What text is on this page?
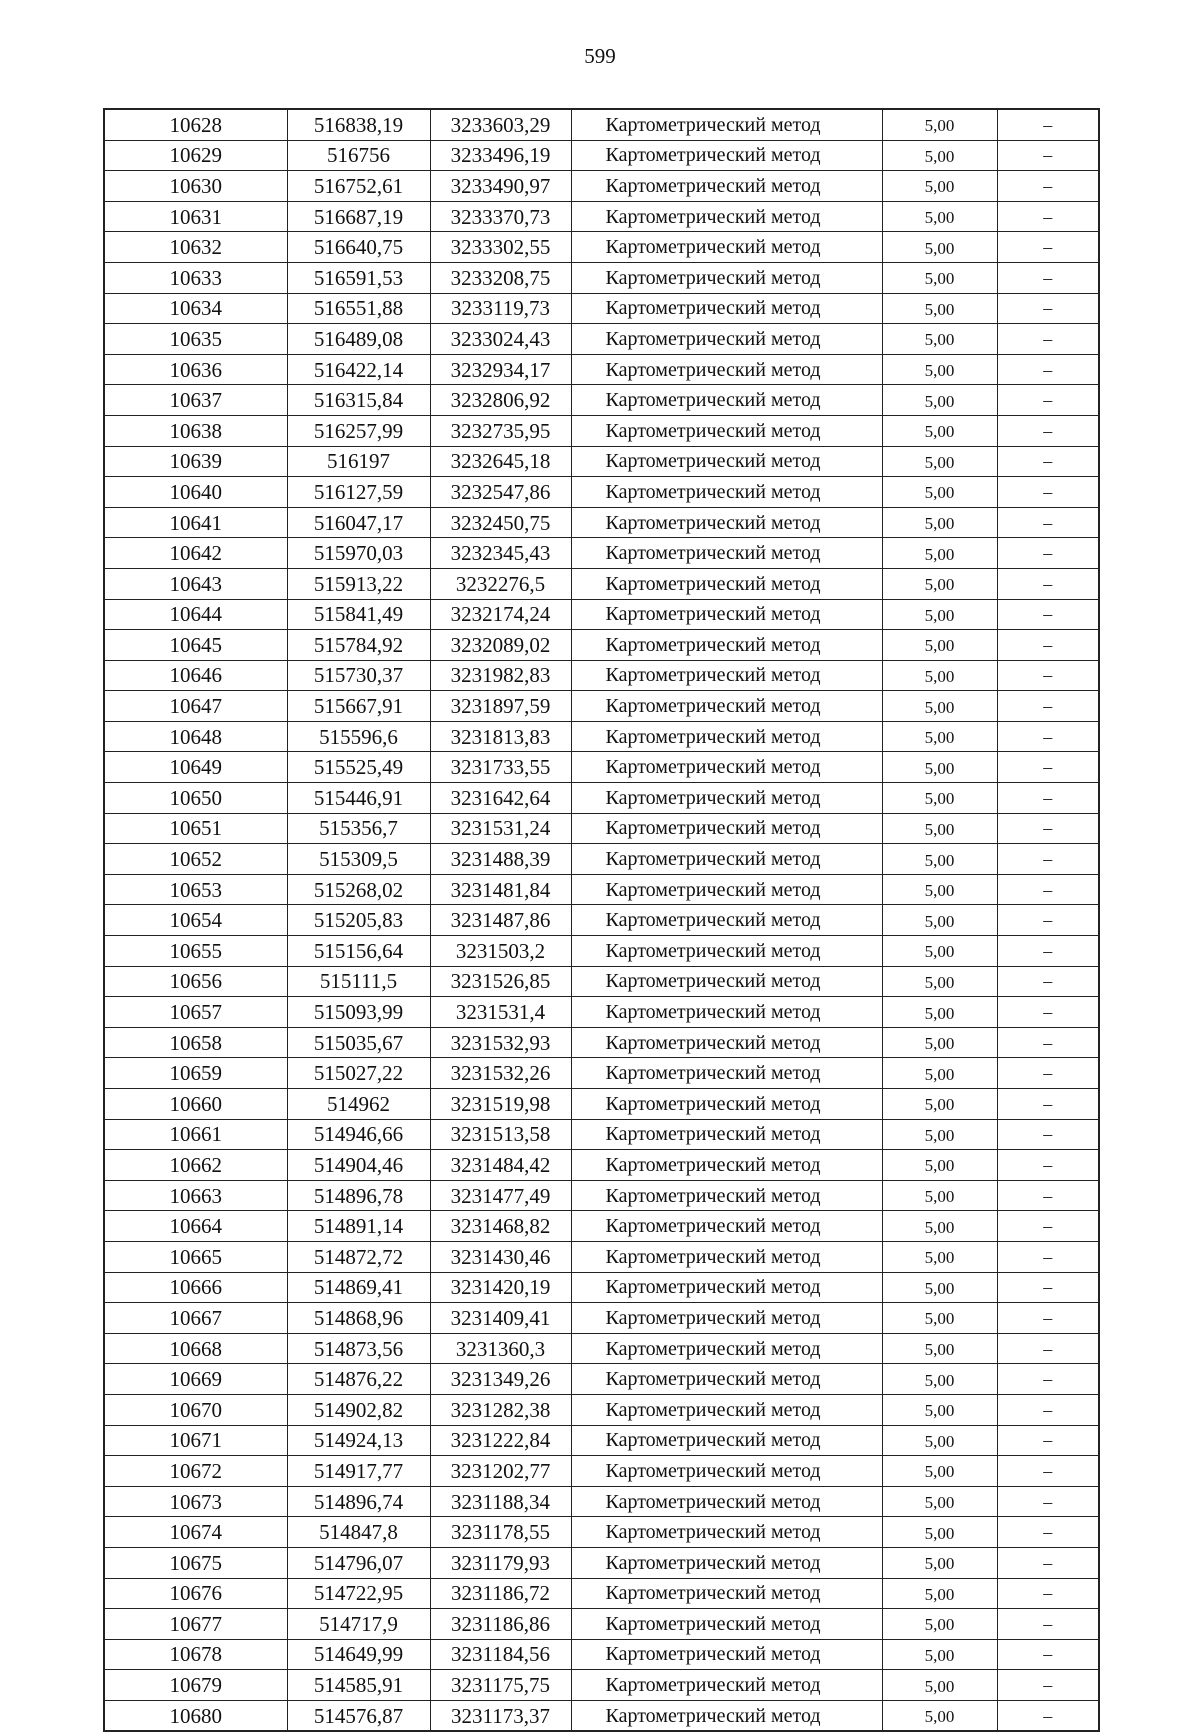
599
10628	516838,19	3233603,29	Картометрический метод	5,00	–
10629	516756	3233496,19	Картометрический метод	5,00	–
10630	516752,61	3233490,97	Картометрический метод	5,00	–
10631	516687,19	3233370,73	Картометрический метод	5,00	–
10632	516640,75	3233302,55	Картометрический метод	5,00	–
10633	516591,53	3233208,75	Картометрический метод	5,00	–
10634	516551,88	3233119,73	Картометрический метод	5,00	–
10635	516489,08	3233024,43	Картометрический метод	5,00	–
10636	516422,14	3232934,17	Картометрический метод	5,00	–
10637	516315,84	3232806,92	Картометрический метод	5,00	–
10638	516257,99	3232735,95	Картометрический метод	5,00	–
10639	516197	3232645,18	Картометрический метод	5,00	–
10640	516127,59	3232547,86	Картометрический метод	5,00	–
10641	516047,17	3232450,75	Картометрический метод	5,00	–
10642	515970,03	3232345,43	Картометрический метод	5,00	–
10643	515913,22	3232276,5	Картометрический метод	5,00	–
10644	515841,49	3232174,24	Картометрический метод	5,00	–
10645	515784,92	3232089,02	Картометрический метод	5,00	–
10646	515730,37	3231982,83	Картометрический метод	5,00	–
10647	515667,91	3231897,59	Картометрический метод	5,00	–
10648	515596,6	3231813,83	Картометрический метод	5,00	–
10649	515525,49	3231733,55	Картометрический метод	5,00	–
10650	515446,91	3231642,64	Картометрический метод	5,00	–
10651	515356,7	3231531,24	Картометрический метод	5,00	–
10652	515309,5	3231488,39	Картометрический метод	5,00	–
10653	515268,02	3231481,84	Картометрический метод	5,00	–
10654	515205,83	3231487,86	Картометрический метод	5,00	–
10655	515156,64	3231503,2	Картометрический метод	5,00	–
10656	515111,5	3231526,85	Картометрический метод	5,00	–
10657	515093,99	3231531,4	Картометрический метод	5,00	–
10658	515035,67	3231532,93	Картометрический метод	5,00	–
10659	515027,22	3231532,26	Картометрический метод	5,00	–
10660	514962	3231519,98	Картометрический метод	5,00	–
10661	514946,66	3231513,58	Картометрический метод	5,00	–
10662	514904,46	3231484,42	Картометрический метод	5,00	–
10663	514896,78	3231477,49	Картометрический метод	5,00	–
10664	514891,14	3231468,82	Картометрический метод	5,00	–
10665	514872,72	3231430,46	Картометрический метод	5,00	–
10666	514869,41	3231420,19	Картометрический метод	5,00	–
10667	514868,96	3231409,41	Картометрический метод	5,00	–
10668	514873,56	3231360,3	Картометрический метод	5,00	–
10669	514876,22	3231349,26	Картометрический метод	5,00	–
10670	514902,82	3231282,38	Картометрический метод	5,00	–
10671	514924,13	3231222,84	Картометрический метод	5,00	–
10672	514917,77	3231202,77	Картометрический метод	5,00	–
10673	514896,74	3231188,34	Картометрический метод	5,00	–
10674	514847,8	3231178,55	Картометрический метод	5,00	–
10675	514796,07	3231179,93	Картометрический метод	5,00	–
10676	514722,95	3231186,72	Картометрический метод	5,00	–
10677	514717,9	3231186,86	Картометрический метод	5,00	–
10678	514649,99	3231184,56	Картометрический метод	5,00	–
10679	514585,91	3231175,75	Картометрический метод	5,00	–
10680	514576,87	3231173,37	Картометрический метод	5,00	–
